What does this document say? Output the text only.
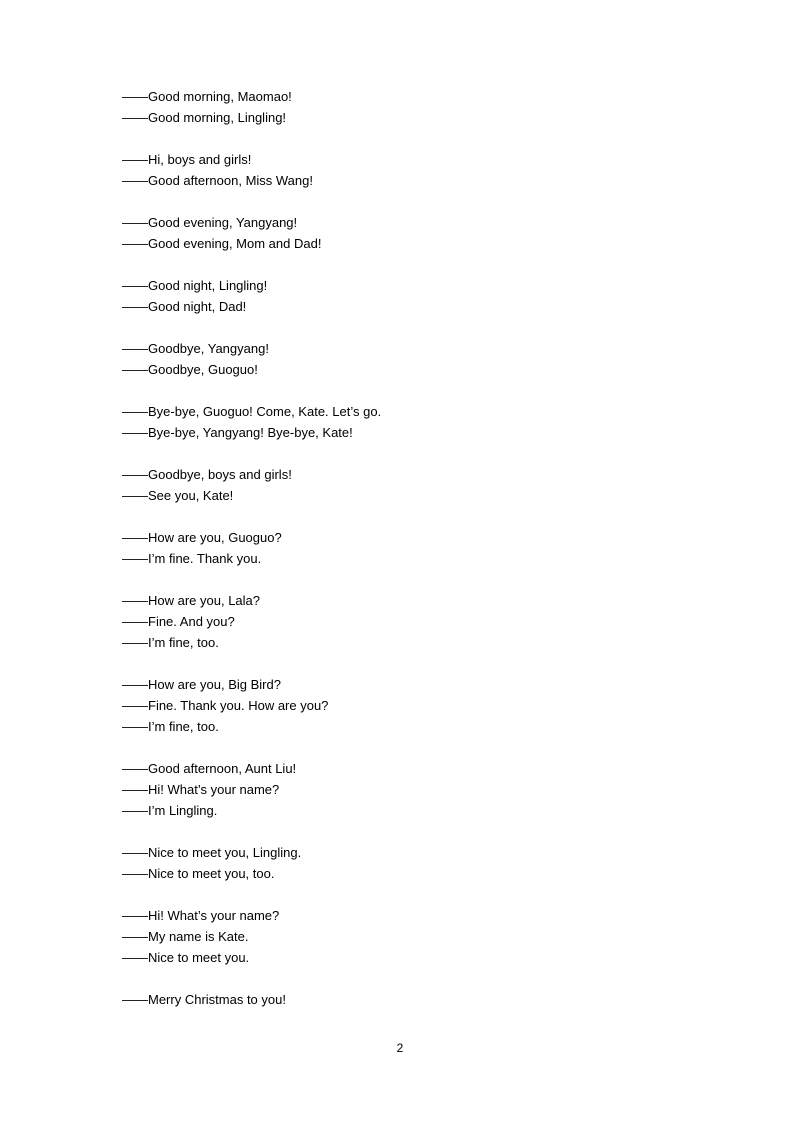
——Good morning, Maomao!
——Good morning, Lingling!
——Hi, boys and girls!
——Good afternoon, Miss Wang!
——Good evening, Yangyang!
——Good evening, Mom and Dad!
——Good night, Lingling!
——Good night, Dad!
——Goodbye, Yangyang!
——Goodbye, Guoguo!
——Bye-bye, Guoguo! Come, Kate. Let’s go.
——Bye-bye, Yangyang! Bye-bye, Kate!
——Goodbye, boys and girls!
——See you, Kate!
——How are you, Guoguo?
——I’m fine. Thank you.
——How are you, Lala?
——Fine. And you?
——I’m fine, too.
——How are you, Big Bird?
——Fine. Thank you. How are you?
——I’m fine, too.
——Good afternoon, Aunt Liu!
——Hi! What’s your name?
——I’m Lingling.
——Nice to meet you, Lingling.
——Nice to meet you, too.
——Hi! What’s your name?
——My name is Kate.
——Nice to meet you.
——Merry Christmas to you!
2
